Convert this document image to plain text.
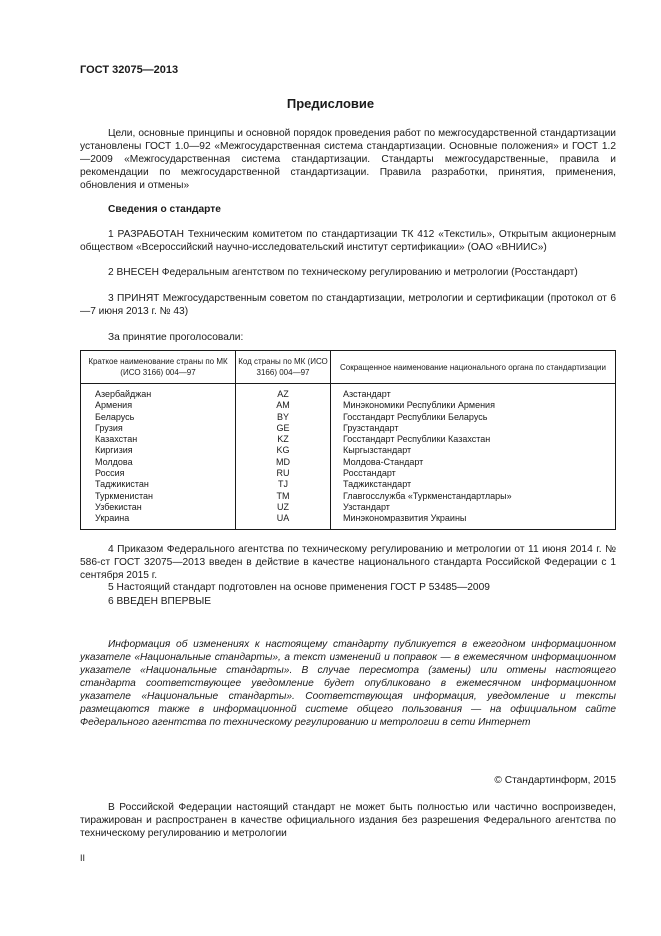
ГОСТ 32075—2013
Предисловие
Цели, основные принципы и основной порядок проведения работ по межгосударственной стандартизации установлены ГОСТ 1.0—92 «Межгосударственная система стандартизации. Основные положения» и ГОСТ 1.2—2009 «Межгосударственная система стандартизации. Стандарты межгосударственные, правила и рекомендации по межгосударственной стандартизации. Правила разработки, принятия, применения, обновления и отмены»
Сведения о стандарте
1 РАЗРАБОТАН Техническим комитетом по стандартизации ТК 412 «Текстиль», Открытым акционерным обществом «Всероссийский научно-исследовательский институт сертификации» (ОАО «ВНИИС»)
2 ВНЕСЕН Федеральным агентством по техническому регулированию и метрологии (Росстандарт)
3 ПРИНЯТ Межгосударственным советом по стандартизации, метрологии и сертификации (протокол от 6—7 июня 2013 г. № 43)
За принятие проголосовали:
Краткое наименование страны по МК (ИСО 3166) 004—97	Код страны по МК (ИСО 3166) 004—97	Сокращенное наименование национального органа по стандартизации
Азербайджан	AZ	Азстандарт
Армения	AM	Минэкономики Республики Армения
Беларусь	BY	Госстандарт Республики Беларусь
Грузия	GE	Грузстандарт
Казахстан	KZ	Госстандарт Республики Казахстан
Киргизия	KG	Кыргызстандарт
Молдова	MD	Молдова-Стандарт
Россия	RU	Росстандарт
Таджикистан	TJ	Таджикстандарт
Туркменистан	TM	Главгосслужба «Туркменстандартлары»
Узбекистан	UZ	Узстандарт
Украина	UA	Минэкономразвития Украины
4 Приказом Федерального агентства по техническому регулированию и метрологии от 11 июня 2014 г. № 586-ст ГОСТ 32075—2013 введен в действие в качестве национального стандарта Российской Федерации с 1 сентября 2015 г.
5 Настоящий стандарт подготовлен на основе применения ГОСТ Р 53485—2009
6 ВВЕДЕН ВПЕРВЫЕ
Информация об изменениях к настоящему стандарту публикуется в ежегодном информационном указателе «Национальные стандарты», а текст изменений и поправок — в ежемесячном информационном указателе «Национальные стандарты». В случае пересмотра (замены) или отмены настоящего стандарта соответствующее уведомление будет опубликовано в ежемесячном информационном указателе «Национальные стандарты». Соответствующая информация, уведомление и тексты размещаются также в информационной системе общего пользования — на официальном сайте Федерального агентства по техническому регулированию и метрологии в сети Интернет
© Стандартинформ, 2015
В Российской Федерации настоящий стандарт не может быть полностью или частично воспроизведен, тиражирован и распространен в качестве официального издания без разрешения Федерального агентства по техническому регулированию и метрологии
II
